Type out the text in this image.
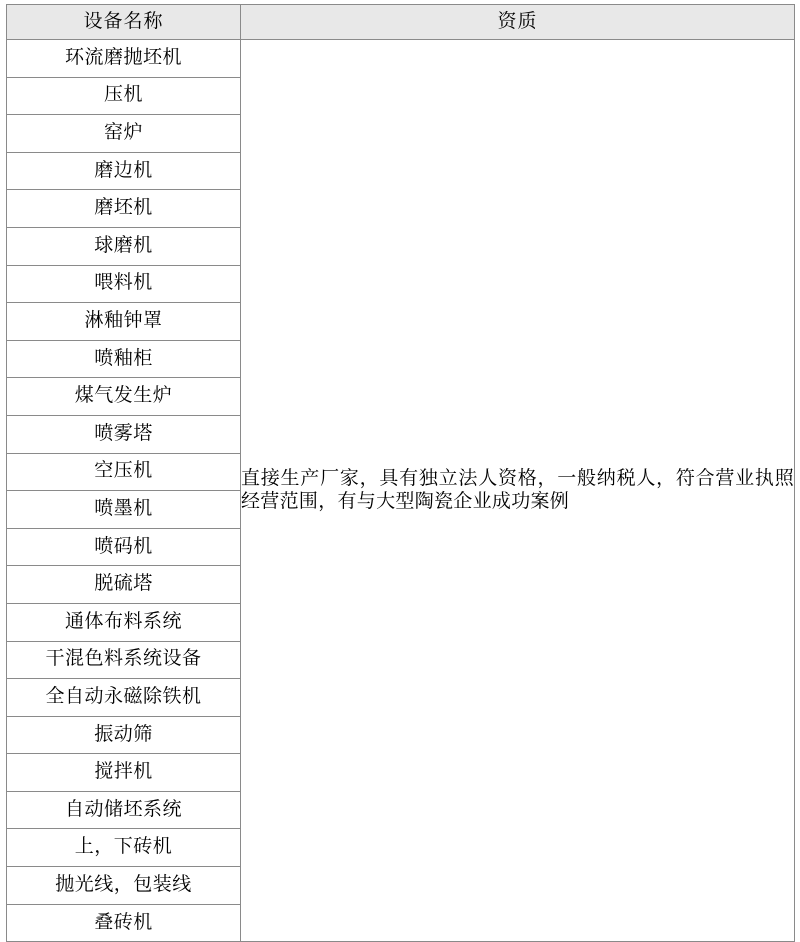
设备名称	资质
环流磨抛坯机	直接生产厂家，具有独立法人资格，一般纳税人，符合营业执照经营范围，有与大型陶瓷企业成功案例

压机	
窑炉	
磨边机	
磨坯机	
球磨机	
喂料机	
淋釉钟罩	
喷釉柜	
煤气发生炉	
喷雾塔	
空压机	
喷墨机	
喷码机	
脱硫塔	
通体布料系统	
干混色料系统设备	
全自动永磁除铁机	
振动筛	
搅拌机	
自动储坯系统	
上，下砖机	
抛光线，包装线	
叠砖机	
